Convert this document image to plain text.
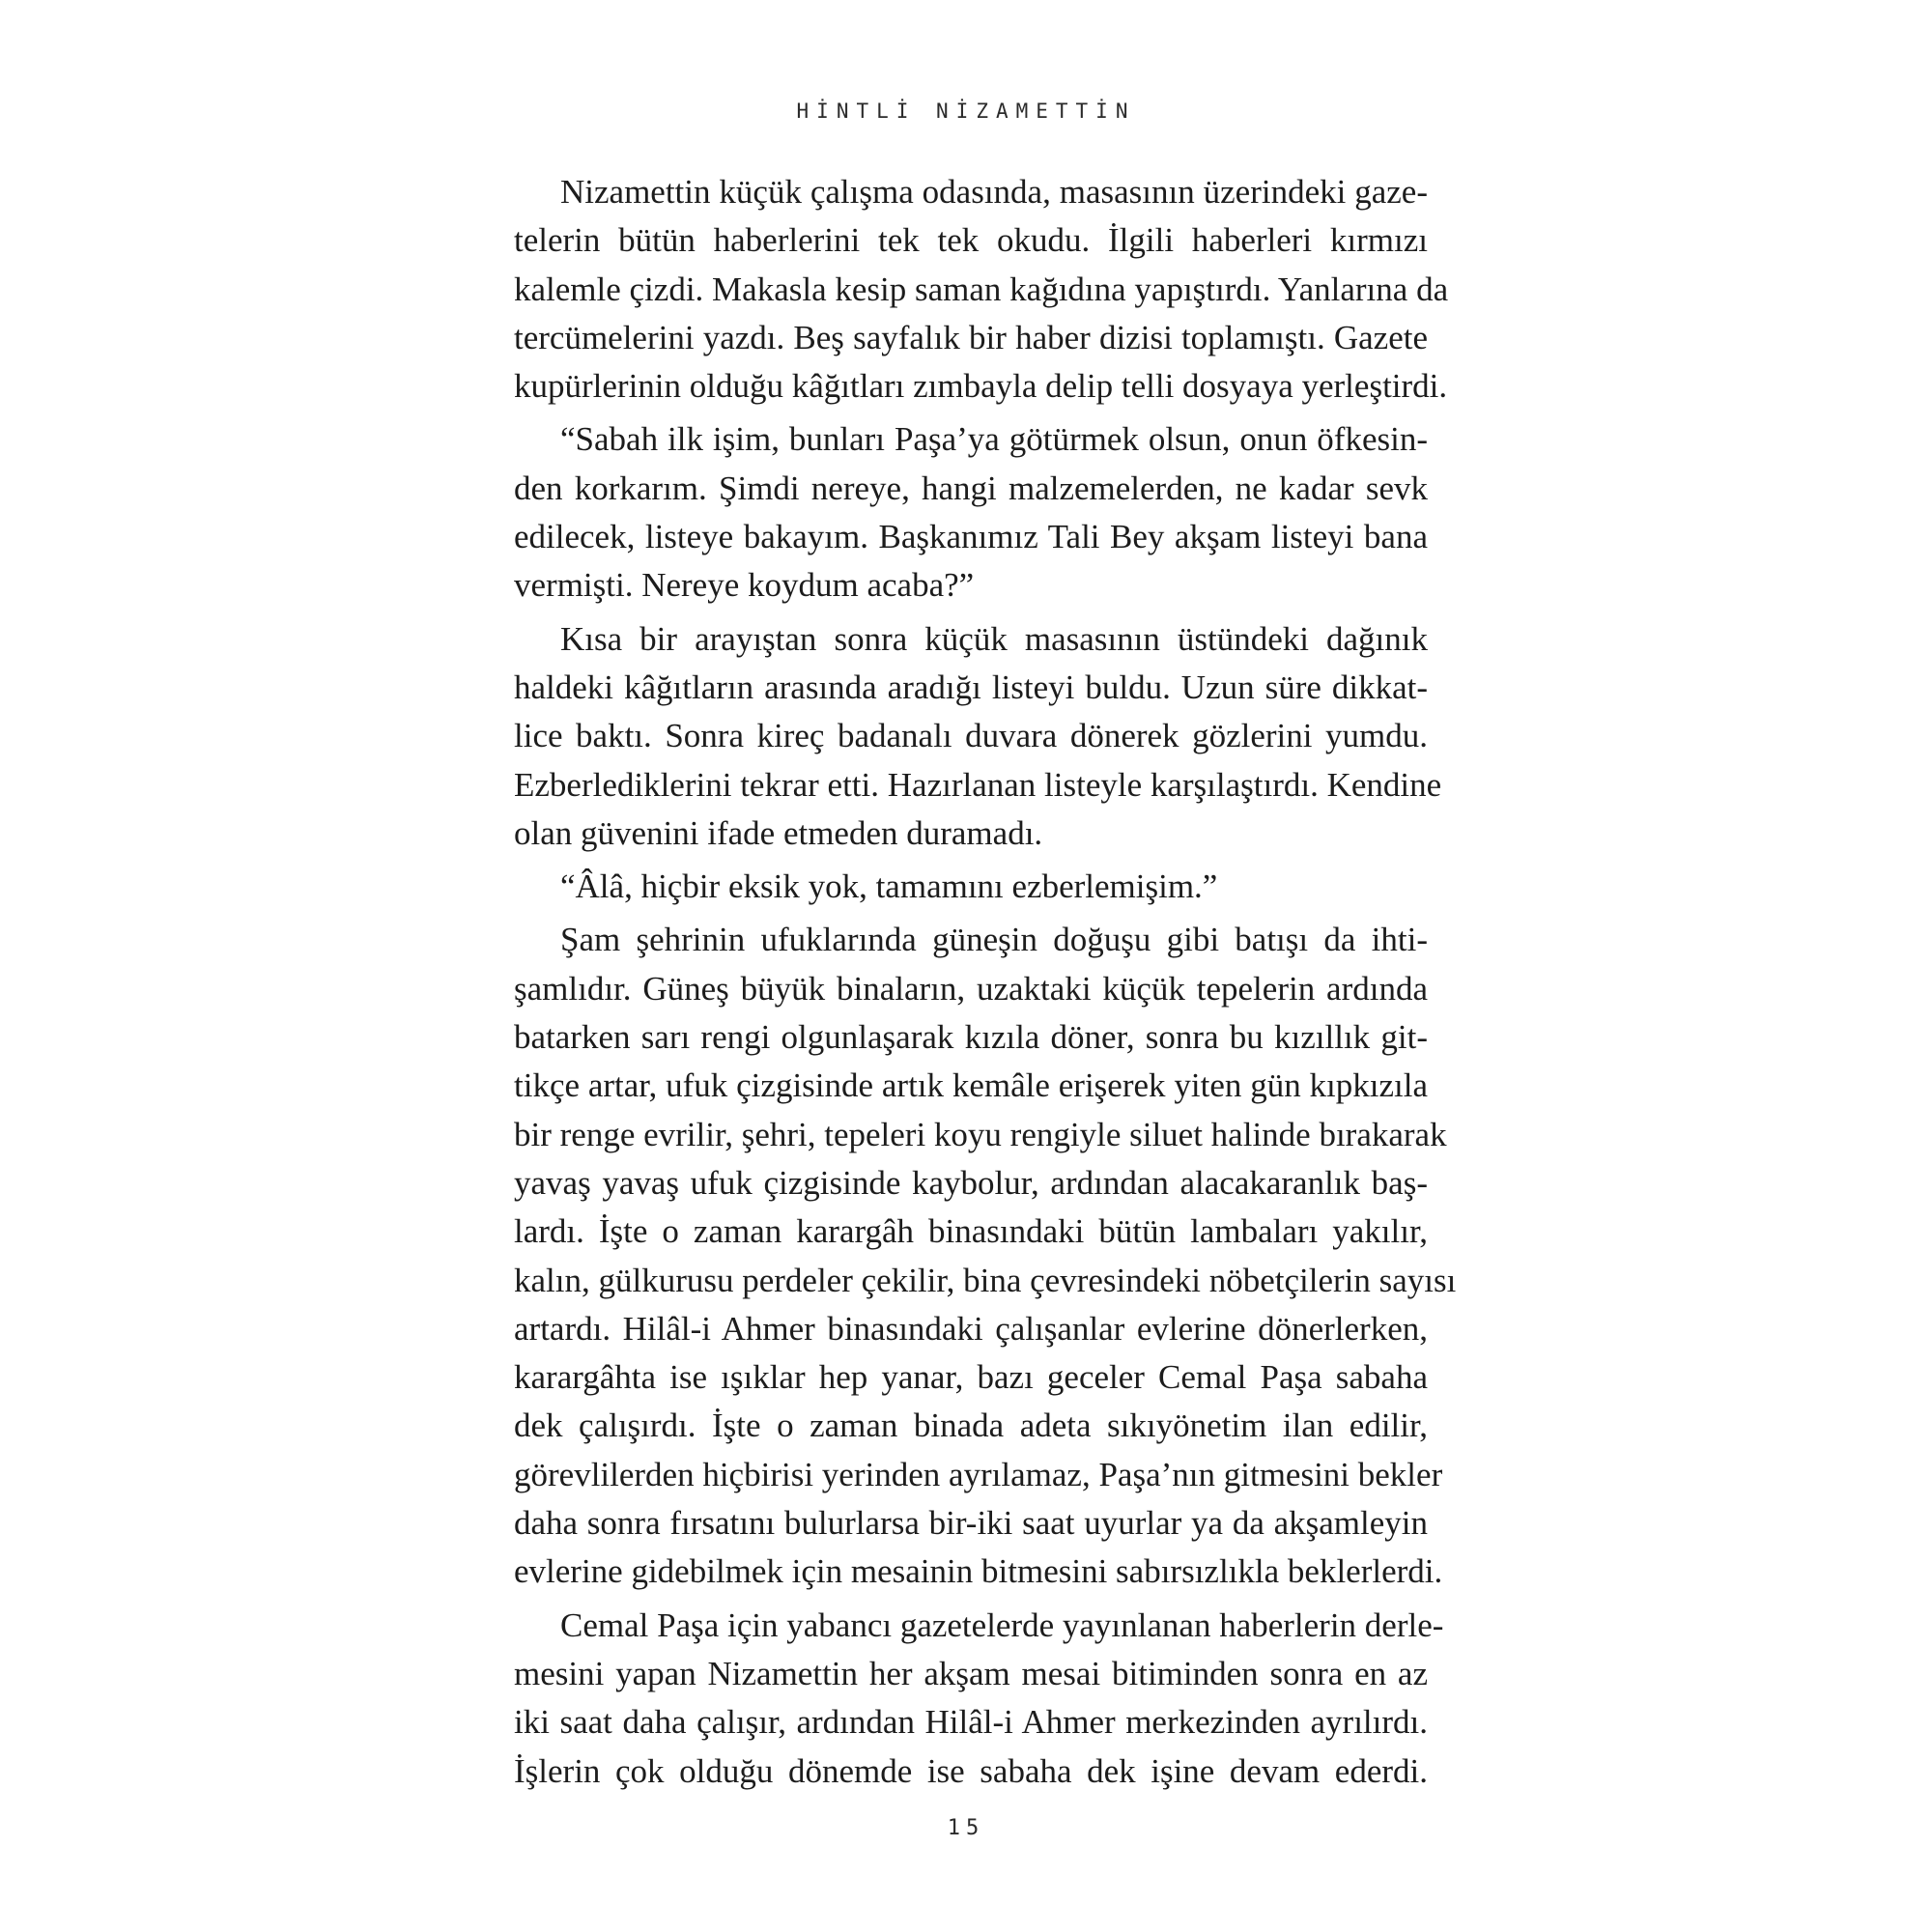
HİNTLİ NİZAMETTİN
Nizamettin küçük çalışma odasında, masasının üzerindeki gaze-
telerin bütün haberlerini tek tek okudu. İlgili haberleri kırmızı
kalemle çizdi. Makasla kesip saman kağıdına yapıştırdı. Yanlarına da
tercümelerini yazdı. Beş sayfalık bir haber dizisi toplamıştı. Gazete
kupürlerinin olduğu kâğıtları zımbayla delip telli dosyaya yerleştirdi.
“Sabah ilk işim, bunları Paşa’ya götürmek olsun, onun öfkesin-
den korkarım. Şimdi nereye, hangi malzemelerden, ne kadar sevk
edilecek, listeye bakayım. Başkanımız Tali Bey akşam listeyi bana
vermişti. Nereye koydum acaba?”
Kısa bir arayıştan sonra küçük masasının üstündeki dağınık
haldeki kâğıtların arasında aradığı listeyi buldu. Uzun süre dikkat-
lice baktı. Sonra kireç badanalı duvara dönerek gözlerini yumdu.
Ezberlediklerini tekrar etti. Hazırlanan listeyle karşılaştırdı. Kendine
olan güvenini ifade etmeden duramadı.
“Âlâ, hiçbir eksik yok, tamamını ezberlemişim.”
Şam şehrinin ufuklarında güneşin doğuşu gibi batışı da ihti-
şamlıdır. Güneş büyük binaların, uzaktaki küçük tepelerin ardında
batarken sarı rengi olgunlaşarak kızıla döner, sonra bu kızıllık git-
tikçe artar, ufuk çizgisinde artık kemâle erişerek yiten gün kıpkızıla
bir renge evrilir, şehri, tepeleri koyu rengiyle siluet halinde bırakarak
yavaş yavaş ufuk çizgisinde kaybolur, ardından alacakaranlık baş-
lardı. İşte o zaman karargâh binasındaki bütün lambaları yakılır,
kalın, gülkurusu perdeler çekilir, bina çevresindeki nöbetçilerin sayısı
artardı. Hilâl-i Ahmer binasındaki çalışanlar evlerine dönerlerken,
karargâhta ise ışıklar hep yanar, bazı geceler Cemal Paşa sabaha
dek çalışırdı. İşte o zaman binada adeta sıkıyönetim ilan edilir,
görevlilerden hiçbirisi yerinden ayrılamaz, Paşa’nın gitmesini bekler
daha sonra fırsatını bulurlarsa bir-iki saat uyurlar ya da akşamleyin
evlerine gidebilmek için mesainin bitmesini sabırsızlıkla beklerlerdi.
Cemal Paşa için yabancı gazetelerde yayınlanan haberlerin derle-
mesini yapan Nizamettin her akşam mesai bitiminden sonra en az
iki saat daha çalışır, ardından Hilâl-i Ahmer merkezinden ayrılırdı.
İşlerin çok olduğu dönemde ise sabaha dek işine devam ederdi.
15
